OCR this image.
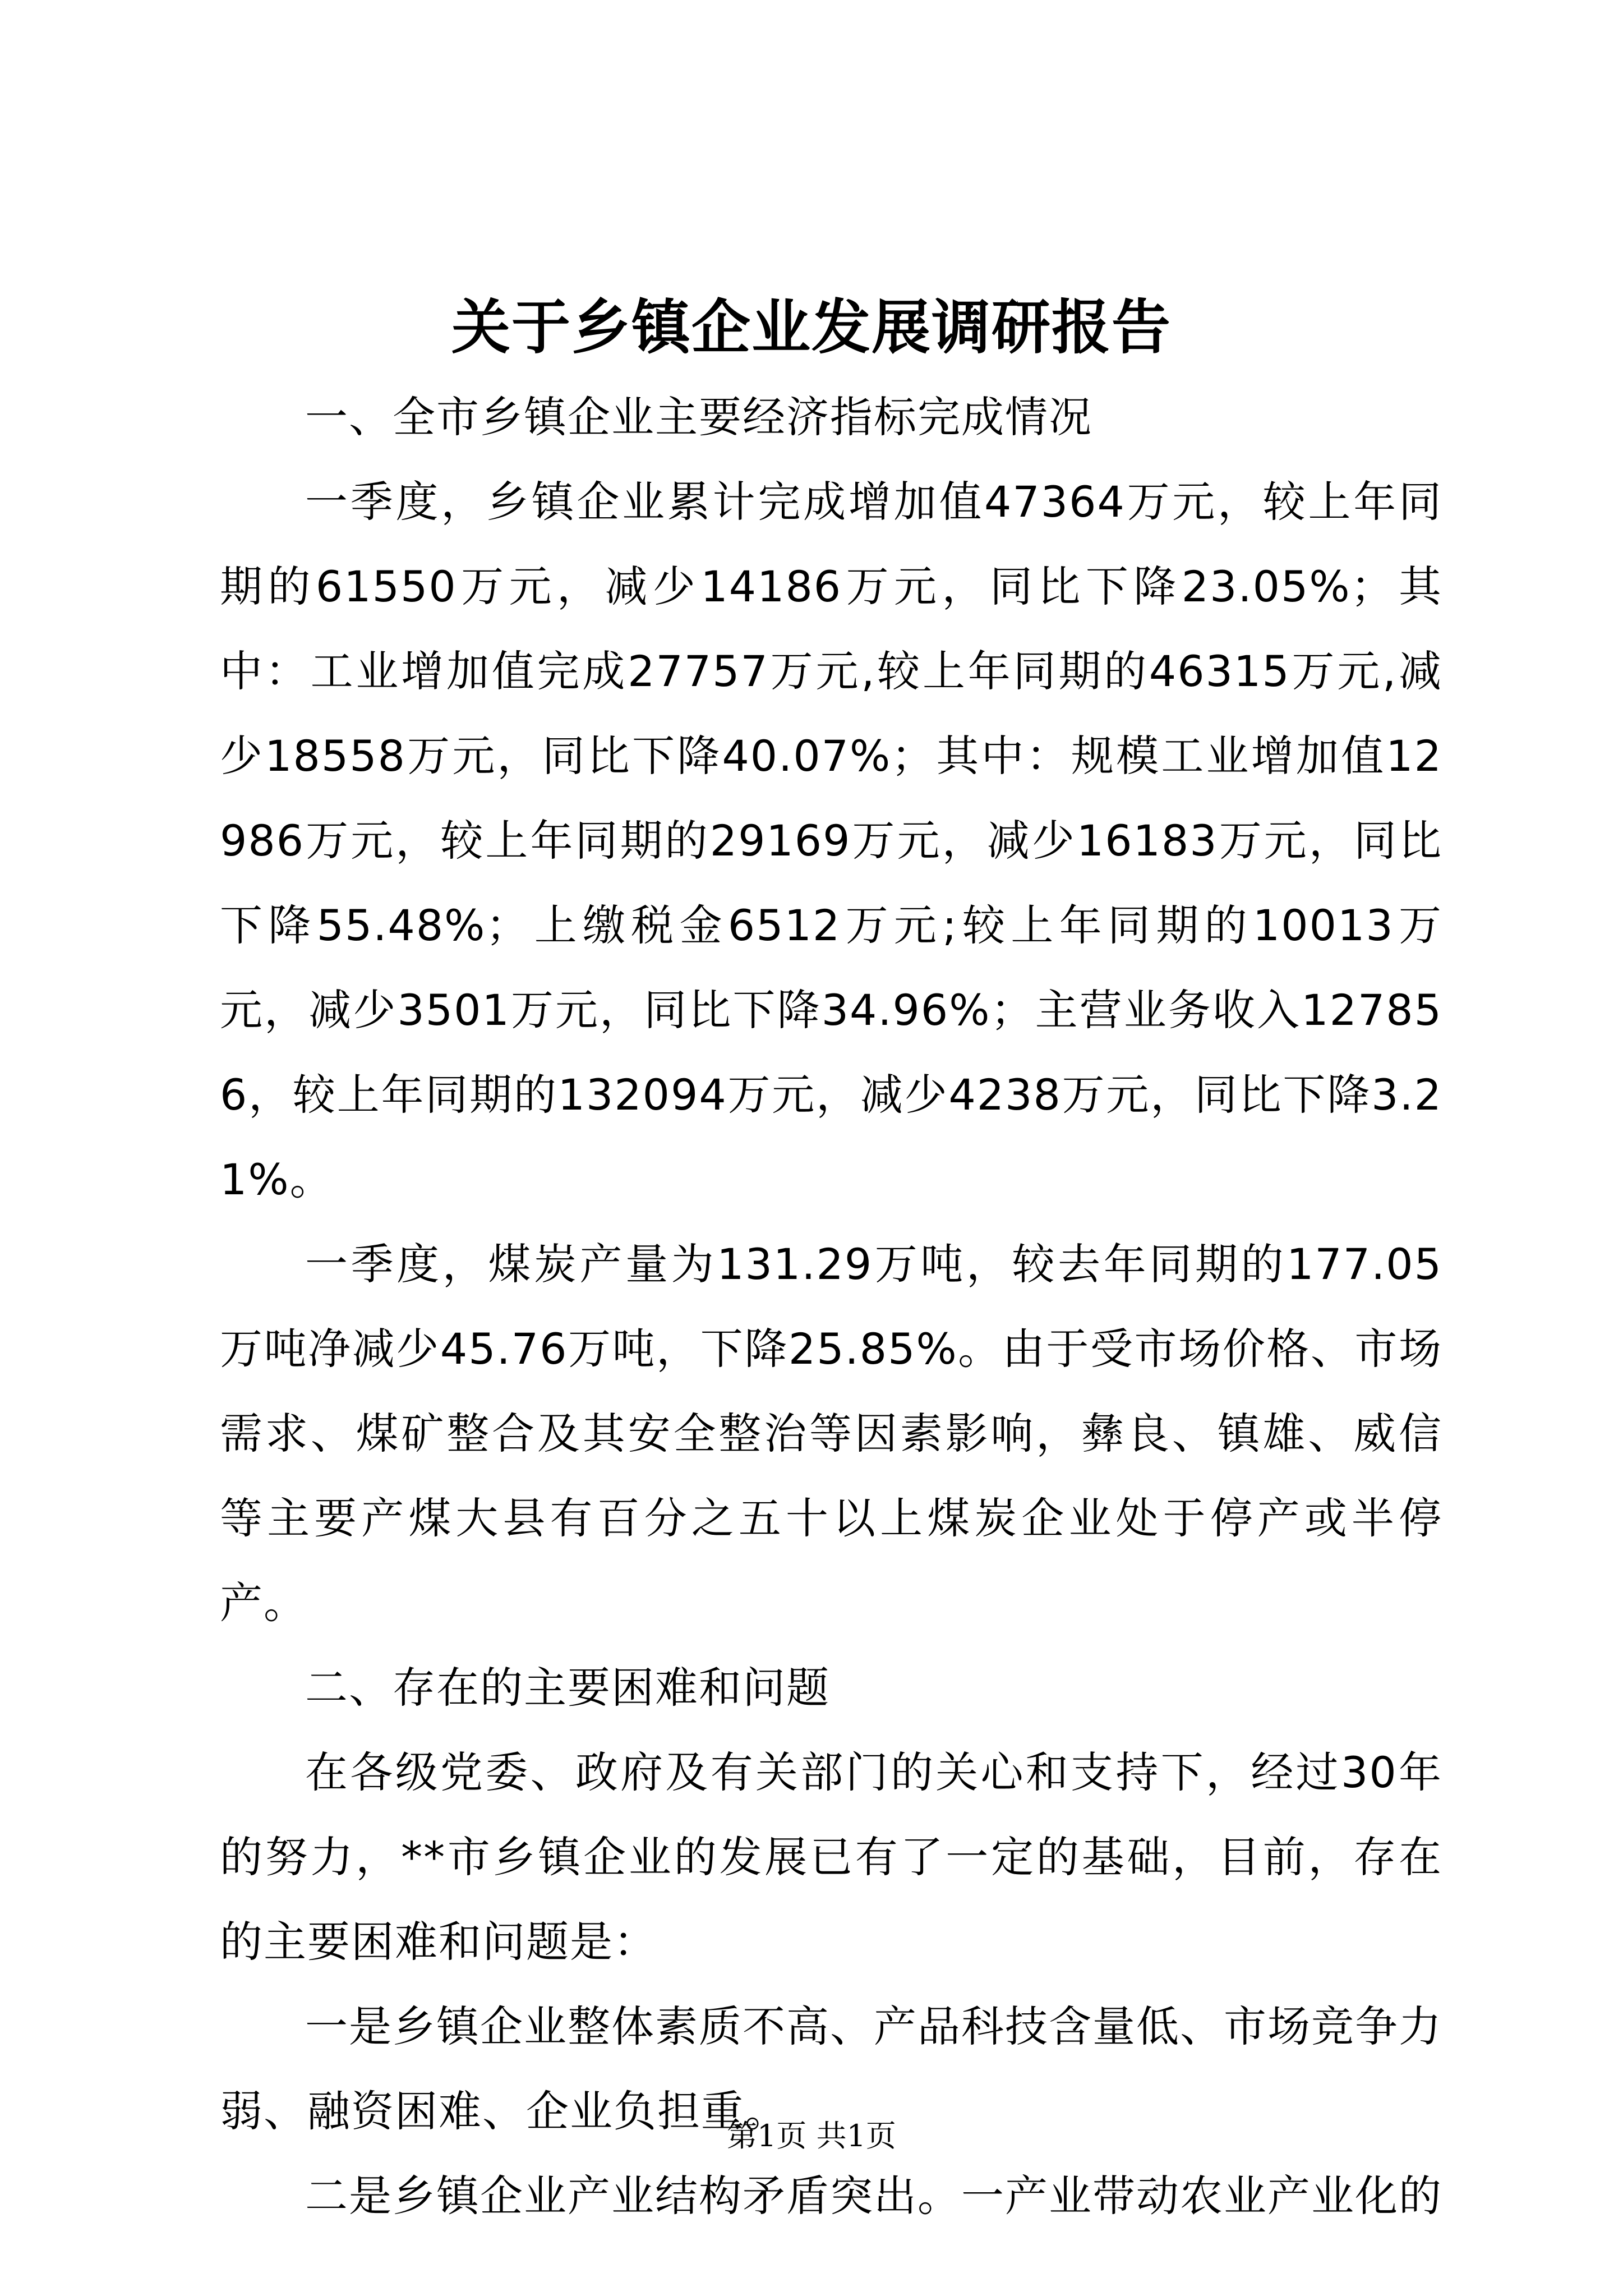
关于乡镇企业发展调研报告

一、全市乡镇企业主要经济指标完成情况

一季度，乡镇企业累计完成增加值47364万元，较上年同期的61550万元，减少14186万元，同比下降23.05%；其中：工业增加值完成27757万元,较上年同期的46315万元,减少18558万元，同比下降40.07%；其中：规模工业增加值12986万元，较上年同期的29169万元，减少16183万元，同比下降55.48%；上缴税金6512万元;较上年同期的10013万元，减少3501万元，同比下降34.96%；主营业务收入127856，较上年同期的132094万元，减少4238万元，同比下降3.21%。

一季度，煤炭产量为131.29万吨，较去年同期的177.05万吨净减少45.76万吨，下降25.85%。由于受市场价格、市场需求、煤矿整合及其安全整治等因素影响，彝良、镇雄、威信等主要产煤大县有百分之五十以上煤炭企业处于停产或半停产。

二、存在的主要困难和问题

在各级党委、政府及有关部门的关心和支持下，经过30年的努力，**市乡镇企业的发展已有了一定的基础，目前，存在的主要困难和问题是：

一是乡镇企业整体素质不高、产品科技含量低、市场竞争力弱、融资困难、企业负担重。

二是乡镇企业产业结构矛盾突出。一产业带动农业产业化的

第1页 共1页
